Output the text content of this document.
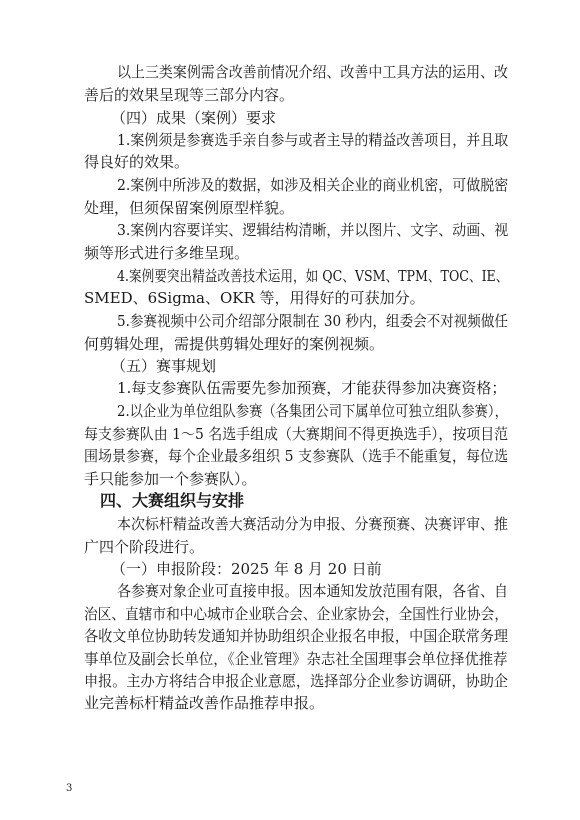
以上三类案例需含改善前情况介绍、改善中工具方法的运用、改
善后的效果呈现等三部分内容。
（四）成果（案例）要求
1.案例须是参赛选手亲自参与或者主导的精益改善项目，并且取
得良好的效果。
2.案例中所涉及的数据，如涉及相关企业的商业机密，可做脱密
处理，但须保留案例原型样貌。
3.案例内容要详实、逻辑结构清晰，并以图片、文字、动画、视
频等形式进行多维呈现。
4.案例要突出精益改善技术运用，如 QC、VSM、TPM、TOC、IE、
SMED、6Sigma、OKR 等，用得好的可获加分。
5.参赛视频中公司介绍部分限制在 30 秒内，组委会不对视频做任
何剪辑处理，需提供剪辑处理好的案例视频。
（五）赛事规划
1.每支参赛队伍需要先参加预赛，才能获得参加决赛资格；
2.以企业为单位组队参赛（各集团公司下属单位可独立组队参赛），
每支参赛队由 1～5 名选手组成（大赛期间不得更换选手），按项目范
围场景参赛，每个企业最多组织 5 支参赛队（选手不能重复，每位选
手只能参加一个参赛队）。
四、大赛组织与安排
本次标杆精益改善大赛活动分为申报、分赛预赛、决赛评审、推
广四个阶段进行。
（一）申报阶段：2025 年 8 月 20 日前
各参赛对象企业可直接申报。因本通知发放范围有限，各省、自
治区、直辖市和中心城市企业联合会、企业家协会，全国性行业协会，
各收文单位协助转发通知并协助组织企业报名申报，中国企联常务理
事单位及副会长单位，《企业管理》杂志社全国理事会单位择优推荐
申报。主办方将结合申报企业意愿，选择部分企业参访调研，协助企
业完善标杆精益改善作品推荐申报。
3
